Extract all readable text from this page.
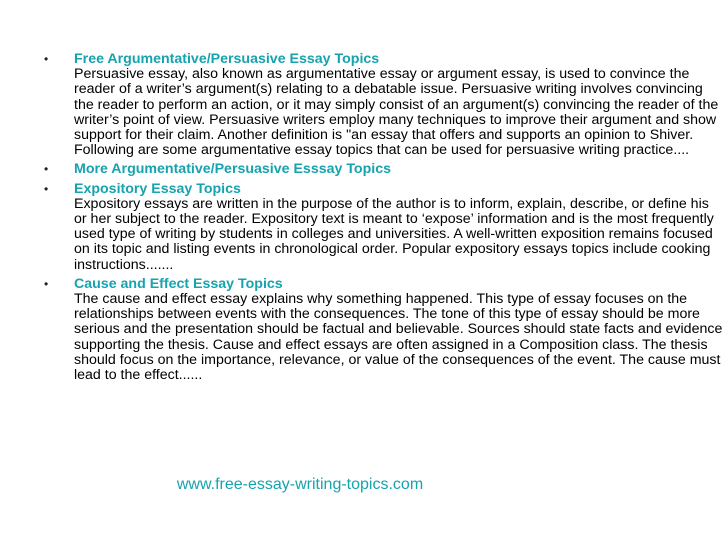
• Free Argumentative/Persuasive Essay Topics
Persuasive essay, also known as argumentative essay or argument essay, is used to convince the reader of a writer’s argument(s) relating to a debatable issue. Persuasive writing involves convincing the reader to perform an action, or it may simply consist of an argument(s) convincing the reader of the writer’s point of view. Persuasive writers employ many techniques to improve their argument and show support for their claim. Another definition is "an essay that offers and supports an opinion to Shiver. Following are some argumentative essay topics that can be used for persuasive writing practice....
• More Argumentative/Persuasive Esssay Topics
• Expository Essay Topics
Expository essays are written in the purpose of the author is to inform, explain, describe, or define his or her subject to the reader. Expository text is meant to ‘expose’ information and is the most frequently used type of writing by students in colleges and universities. A well-written exposition remains focused on its topic and listing events in chronological order. Popular expository essays topics include cooking instructions.......
• Cause and Effect Essay Topics
The cause and effect essay explains why something happened. This type of essay focuses on the relationships between events with the consequences. The tone of this type of essay should be more serious and the presentation should be factual and believable. Sources should state facts and evidence supporting the thesis. Cause and effect essays are often assigned in a Composition class. The thesis should focus on the importance, relevance, or value of the consequences of the event. The cause must lead to the effect......
www.free-essay-writing-topics.com
